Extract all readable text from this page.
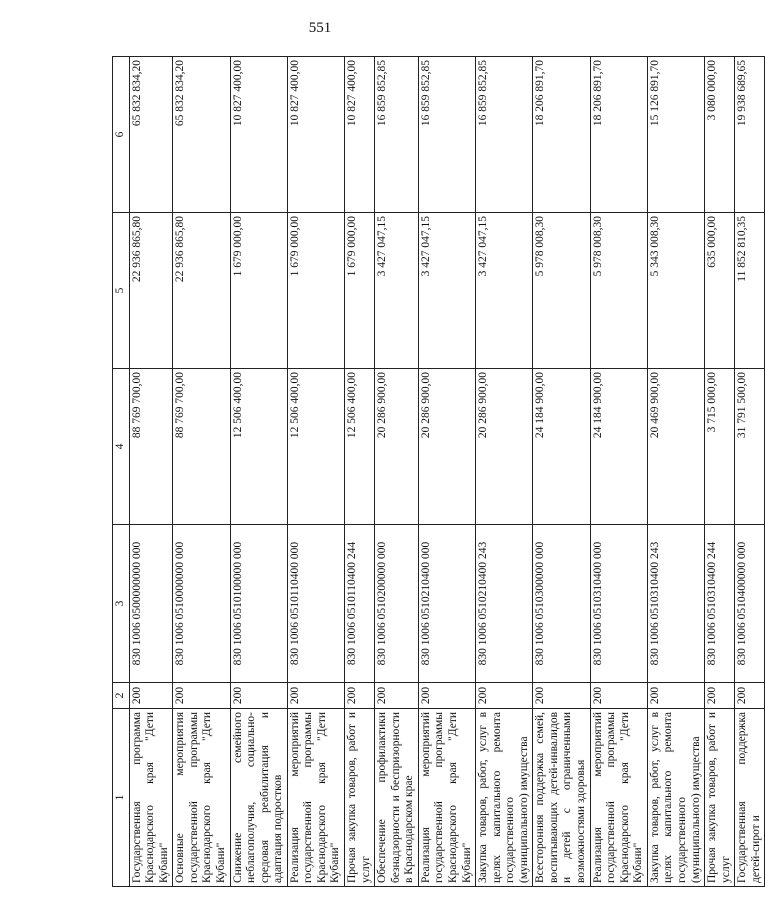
551
1	2	3	4	5	6
Государственная программа Краснодарского края "Дети Кубани"	200	830 1006 0500000000 000	88 769 700,00	22 936 865,80	65 832 834,20
Основные мероприятия государственной программы Краснодарского края "Дети Кубани"	200	830 1006 0510000000 000	88 769 700,00	22 936 865,80	65 832 834,20
Снижение семейного неблагополучия, социально-средовая реабилитация и адаптация подростков	200	830 1006 0510100000 000	12 506 400,00	1 679 000,00	10 827 400,00
Реализация мероприятий государственной программы Краснодарского края "Дети Кубани"	200	830 1006 0510110400 000	12 506 400,00	1 679 000,00	10 827 400,00
Прочая закупка товаров, работ и услуг	200	830 1006 0510110400 244	12 506 400,00	1 679 000,00	10 827 400,00
Обеспечение профилактики безнадзорности и беспризорности в Краснодарском крае	200	830 1006 0510200000 000	20 286 900,00	3 427 047,15	16 859 852,85
Реализация мероприятий государственной программы Краснодарского края "Дети Кубани"	200	830 1006 0510210400 000	20 286 900,00	3 427 047,15	16 859 852,85
Закупка товаров, работ, услуг в целях капитального ремонта государственного (муниципального) имущества	200	830 1006 0510210400 243	20 286 900,00	3 427 047,15	16 859 852,85
Всесторонняя поддержка семей, воспитывающих детей-инвалидов и детей с ограниченными возможностями здоровья	200	830 1006 0510300000 000	24 184 900,00	5 978 008,30	18 206 891,70
Реализация мероприятий государственной программы Краснодарского края "Дети Кубани"	200	830 1006 0510310400 000	24 184 900,00	5 978 008,30	18 206 891,70
Закупка товаров, работ, услуг в целях капитального ремонта государственного (муниципального) имущества	200	830 1006 0510310400 243	20 469 900,00	5 343 008,30	15 126 891,70
Прочая закупка товаров, работ и услуг	200	830 1006 0510310400 244	3 715 000,00	635 000,00	3 080 000,00
Государственная поддержка детей-сирот и	200	830 1006 0510400000 000	31 791 500,00	11 852 810,35	19 938 689,65
